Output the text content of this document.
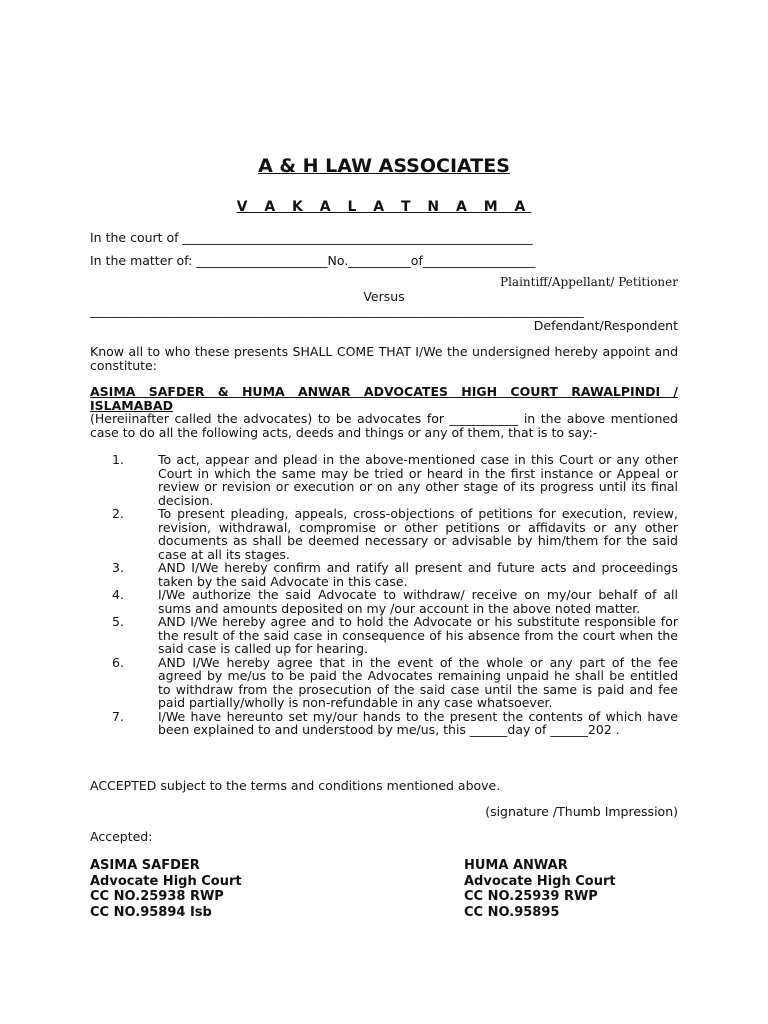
A & H LAW ASSOCIATES
V A K A L A T N A M A
In the court of ________________________________________________________
In the matter of: _____________________No.__________of__________________
Plaintiff/Appellant/ Petitioner
Versus
_______________________________________________________________________________
Defendant/Respondent
Know all to who these presents SHALL COME THAT I/We the undersigned hereby appoint and constitute:
ASIMA SAFDER & HUMA ANWAR ADVOCATES HIGH COURT RAWALPINDI / ISLAMABAD
(Hereiinafter called the advocates) to be advocates for ___________ in the above mentioned case to do all the following acts, deeds and things or any of them, that is to say:-
1.	To act, appear and plead in the above-mentioned case in this Court or any other Court in which the same may be tried or heard in the first instance or Appeal or review or revision or execution or on any other stage of its progress until its final decision.
2.	To present pleading, appeals, cross-objections of petitions for execution, review, revision, withdrawal, compromise or other petitions or affidavits or any other documents as shall be deemed necessary or advisable by him/them for the said case at all its stages.
3.	AND I/We hereby confirm and ratify all present and future acts and proceedings taken by the said Advocate in this case.
4.	I/We authorize the said Advocate to withdraw/ receive on my/our behalf of all sums and amounts deposited on my /our account in the above noted matter.
5.	AND I/We hereby agree and to hold the Advocate or his substitute responsible for the result of the said case in consequence of his absence from the court when the said case is called up for hearing.
6.	AND I/We hereby agree that in the event of the whole or any part of the fee agreed by me/us to be paid the Advocates remaining unpaid he shall be entitled to withdraw from the prosecution of the said case until the same is paid and fee paid partially/wholly is non-refundable in any case whatsoever.
7.	I/We have hereunto set my/our hands to the present the contents of which have been explained to and understood by me/us, this ______day of ______202 .
ACCEPTED subject to the terms and conditions mentioned above.
(signature /Thumb Impression)
Accepted:
ASIMA SAFDER
Advocate High Court
CC NO.25938 RWP
CC NO.95894 Isb
HUMA ANWAR
Advocate High Court
CC NO.25939 RWP
CC NO.95895
